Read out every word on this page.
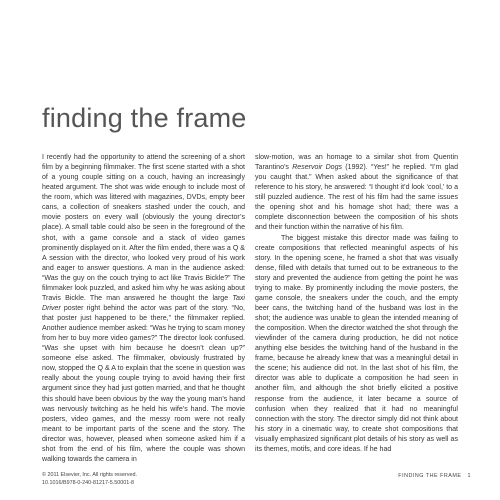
finding the frame

I recently had the opportunity to attend the screening of a short film by a beginning filmmaker. The first scene started with a shot of a young couple sitting on a couch, having an increasingly heated argument. The shot was wide enough to include most of the room, which was littered with magazines, DVDs, empty beer cans, a collection of sneakers stashed under the couch, and movie posters on every wall (obviously the young director’s place). A small table could also be seen in the foreground of the shot, with a game console and a stack of video games prominently displayed on it. After the film ended, there was a Q & A session with the director, who looked very proud of his work and eager to answer questions. A man in the audience asked: “Was the guy on the couch trying to act like Travis Bickle?” The filmmaker look puzzled, and asked him why he was asking about Travis Bickle. The man answered he thought the large Taxi Driver poster right behind the actor was part of the story. “No, that poster just happened to be there,” the filmmaker replied. Another audience member asked: “Was he trying to scam money from her to buy more video games?” The director look confused. “Was she upset with him because he doesn’t clean up?” someone else asked. The filmmaker, obviously frustrated by now, stopped the Q & A to explain that the scene in question was really about the young couple trying to avoid having their first argument since they had just gotten married, and that he thought this should have been obvious by the way the young man’s hand was nervously twitching as he held his wife’s hand. The movie posters, video games, and the messy room were not really meant to be important parts of the scene and the story. The director was, however, pleased when someone asked him if a shot from the end of his film, where the couple was shown walking towards the camera in

slow-motion, was an homage to a similar shot from Quentin Tarantino’s Reservoir Dogs (1992). “Yes!” he replied. “I’m glad you caught that.” When asked about the significance of that reference to his story, he answered: “I thought it’d look ‘cool,’ to a still puzzled audience. The rest of his film had the same issues the opening shot and his homage shot had; there was a complete disconnection between the composition of his shots and their function within the narrative of his film.

The biggest mistake this director made was failing to create compositions that reflected meaningful aspects of his story. In the opening scene, he framed a shot that was visually dense, filled with details that turned out to be extraneous to the story and prevented the audience from getting the point he was trying to make. By prominently including the movie posters, the game console, the sneakers under the couch, and the empty beer cans, the twitching hand of the husband was lost in the shot; the audience was unable to glean the intended meaning of the composition. When the director watched the shot through the viewfinder of the camera during production, he did not notice anything else besides the twitching hand of the husband in the frame, because he already knew that was a meaningful detail in the scene; his audience did not. In the last shot of his film, the director was able to duplicate a composition he had seen in another film, and although the shot briefly elicited a positive response from the audience, it later became a source of confusion when they realized that it had no meaningful connection with the story. The director simply did not think about his story in a cinematic way, to create shot compositions that visually emphasized significant plot details of his story as well as its themes, motifs, and core ideas. If he had

© 2011 Elsevier, Inc. All rights reserved.
10.1016/B978-0-240-81217-5.50001-8
FINDING THE FRAME 1
